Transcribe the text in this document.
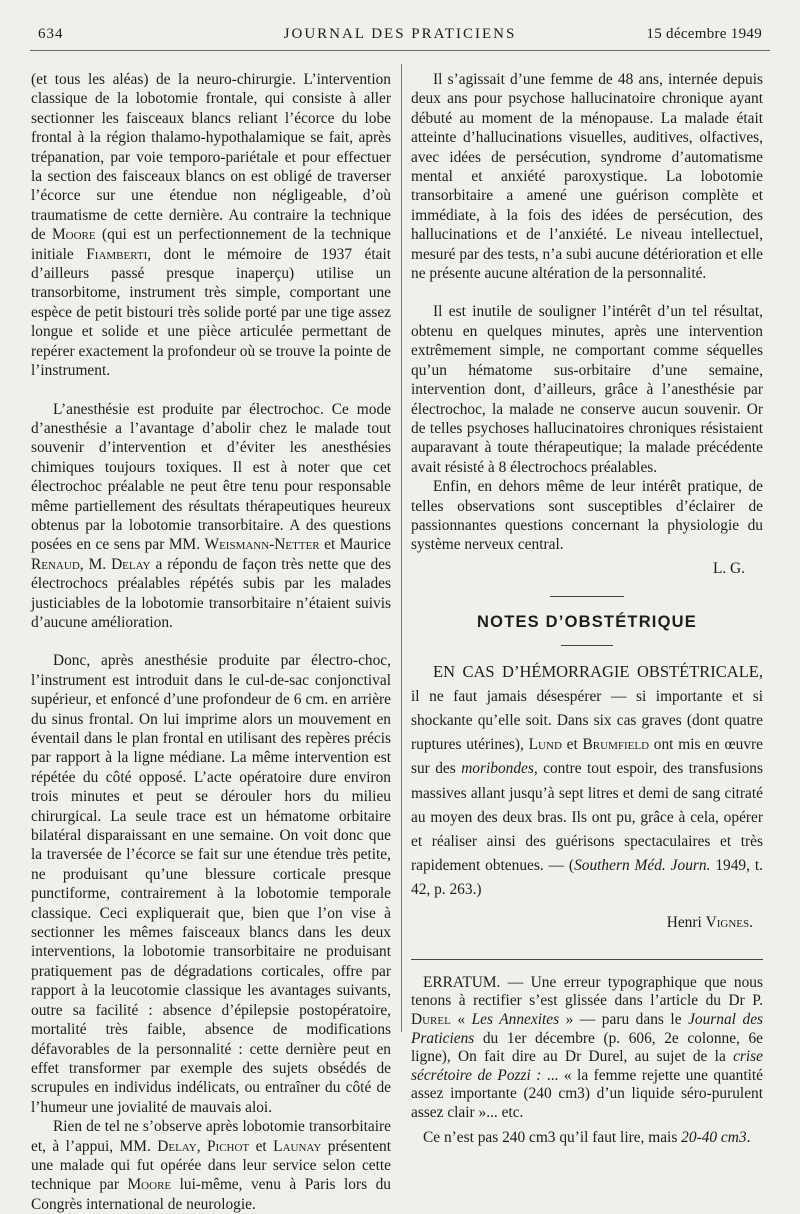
634	JOURNAL DES PRATICIENS	15 décembre 1949

(et tous les aléas) de la neuro-chirurgie. L’intervention classique de la lobotomie frontale, qui consiste à aller sectionner les faisceaux blancs reliant l’écorce du lobe frontal à la région thalamo-hypothalamique se fait, après trépanation, par voie temporo-pariétale et pour effectuer la section des faisceaux blancs on est obligé de traverser l’écorce sur une étendue non négligeable, d’où traumatisme de cette dernière. Au contraire la technique de Moore (qui est un perfectionnement de la technique initiale Fiamberti, dont le mémoire de 1937 était d’ailleurs passé presque inaperçu) utilise un transorbitome, instrument très simple, comportant une espèce de petit bistouri très solide porté par une tige assez longue et solide et une pièce articulée permettant de repérer exactement la profondeur où se trouve la pointe de l’instrument.

L’anesthésie est produite par électrochoc. Ce mode d’anesthésie a l’avantage d’abolir chez le malade tout souvenir d’intervention et d’éviter les anesthésies chimiques toujours toxiques. Il est à noter que cet électrochoc préalable ne peut être tenu pour responsable même partiellement des résultats thérapeutiques heureux obtenus par la lobotomie transorbitaire. A des questions posées en ce sens par MM. Weismann-Netter et Maurice Renaud, M. Delay a répondu de façon très nette que des électrochocs préalables répétés subis par les malades justiciables de la lobotomie transorbitaire n’étaient suivis d’aucune amélioration.

Donc, après anesthésie produite par électro-choc, l’instrument est introduit dans le cul-de-sac conjonctival supérieur, et enfoncé d’une profondeur de 6 cm. en arrière du sinus frontal. On lui imprime alors un mouvement en éventail dans le plan frontal en utilisant des repères précis par rapport à la ligne médiane. La même intervention est répétée du côté opposé. L’acte opératoire dure environ trois minutes et peut se dérouler hors du milieu chirurgical. La seule trace est un hématome orbitaire bilatéral disparaissant en une semaine. On voit donc que la traversée de l’écorce se fait sur une étendue très petite, ne produisant qu’une blessure corticale presque punctiforme, contrairement à la lobotomie temporale classique. Ceci expliquerait que, bien que l’on vise à sectionner les mêmes faisceaux blancs dans les deux interventions, la lobotomie transorbitaire ne produisant pratiquement pas de dégradations corticales, offre par rapport à la leucotomie classique les avantages suivants, outre sa facilité : absence d’épilepsie postopératoire, mortalité très faible, absence de modifications défavorables de la personnalité : cette dernière peut en effet transformer par exemple des sujets obsédés de scrupules en individus indélicats, ou entraîner du côté de l’humeur une jovialité de mauvais aloi.

Rien de tel ne s’observe après lobotomie transorbitaire et, à l’appui, MM. Delay, Pichot et Launay présentent une malade qui fut opérée dans leur service selon cette technique par Moore lui-même, venu à Paris lors du Congrès international de neurologie.

Il s’agissait d’une femme de 48 ans, internée depuis deux ans pour psychose hallucinatoire chronique ayant débuté au moment de la ménopause. La malade était atteinte d’hallucinations visuelles, auditives, olfactives, avec idées de persécution, syndrome d’automatisme mental et anxiété paroxystique. La lobotomie transorbitaire a amené une guérison complète et immédiate, à la fois des idées de persécution, des hallucinations et de l’anxiété. Le niveau intellectuel, mesuré par des tests, n’a subi aucune détérioration et elle ne présente aucune altération de la personnalité.

Il est inutile de souligner l’intérêt d’un tel résultat, obtenu en quelques minutes, après une intervention extrêmement simple, ne comportant comme séquelles qu’un hématome sus-orbitaire d’une semaine, intervention dont, d’ailleurs, grâce à l’anesthésie par électrochoc, la malade ne conserve aucun souvenir. Or de telles psychoses hallucinatoires chroniques résistaient auparavant à toute thérapeutique; la malade précédente avait résisté à 8 électrochocs préalables.

Enfin, en dehors même de leur intérêt pratique, de telles observations sont susceptibles d’éclairer de passionnantes questions concernant la physiologie du système nerveux central.

L. G.
NOTES D’OBSTÉTRIQUE

EN CAS D’HÉMORRAGIE OBSTÉTRICALE, il ne faut jamais désespérer — si importante et si shockante qu’elle soit. Dans six cas graves (dont quatre ruptures utérines), Lund et Brumfield ont mis en œuvre sur des moribondes, contre tout espoir, des transfusions massives allant jusqu’à sept litres et demi de sang citraté au moyen des deux bras. Ils ont pu, grâce à cela, opérer et réaliser ainsi des guérisons spectaculaires et très rapidement obtenues. — (Southern Méd. Journ. 1949, t. 42, p. 263.)

Henri Vignes.

ERRATUM. — Une erreur typographique que nous tenons à rectifier s’est glissée dans l’article du Dr P. Durel « Les Annexites » — paru dans le Journal des Praticiens du 1er décembre (p. 606, 2e colonne, 6e ligne), On fait dire au Dr Durel, au sujet de la crise sécrétoire de Pozzi : ... « la femme rejette une quantité assez importante (240 cm3) d’un liquide séro-purulent assez clair »... etc.

Ce n’est pas 240 cm3 qu’il faut lire, mais 20-40 cm3.
